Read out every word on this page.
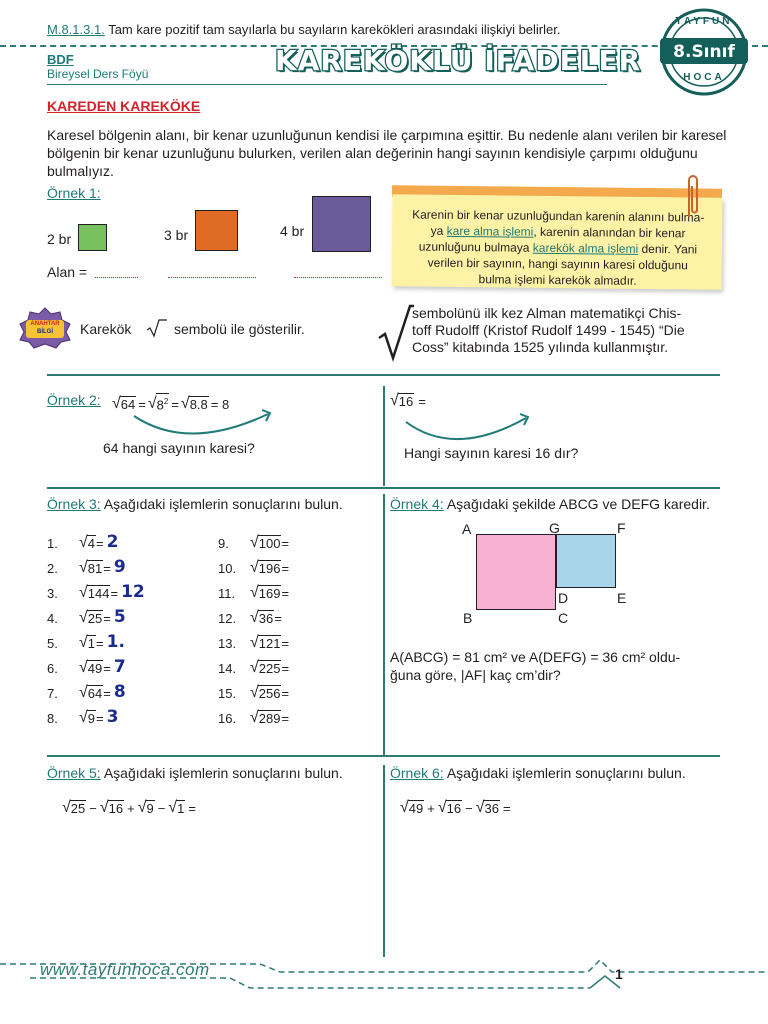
M.8.1.3.1. Tam kare pozitif tam sayılarla bu sayıların karekökleri arasındaki ilişkiyi belirler.
BDF
Bireysel Ders Föyü	KAREKÖKLÜ İFADELER
TAYFUN
8.Sınıf
HOCA
KAREDEN KAREKÖKE
Karesel bölgenin alanı, bir kenar uzunluğunun kendisi ile çarpımına eşittir. Bu nedenle alanı verilen bir karesel bölgenin bir kenar uzunluğunu bulurken, verilen alan değerinin hangi sayının kendisiyle çarpımı olduğunu bulmalıyız.
Örnek 1:
2 br	3 br	4 br
Alan =
Karenin bir kenar uzunluğundan karenin alanını bulma-
ya kare alma işlemi, karenin alanından bir kenar
uzunluğunu bulmaya karekök alma işlemi denir. Yani
verilen bir sayının, hangi sayının karesi olduğunu
bulma işlemi karekök almadır.
ANAHTAR
BİLGİ	Karekök	sembolü ile gösterilir.
sembolünü ilk kez Alman matematikçi Chis-
toff Rudolff (Kristof Rudolf 1499 - 1545) “Die
Coss” kitabında 1525 yılında kullanmıştır.
Örnek 2: √ 64 = √ $8^2$ = √ 8.8 = 8
64 hangi sayının karesi?
√ 16 =
Hangi sayının karesi 16 dır?
Örnek 3: Aşağıdaki işlemlerin sonuçlarını bulun.
1.	√ 4 = 2
2.	√ 81 = 9
3.	√ 144 = 12
4.	√ 25 = 5
5.	√ 1 = 1.
6.	√ 49 = 7
7.	√ 64 = 8
8.	√ 9 = 3
9.	√ 100 =
10. √ 196 =
11. √ 169 =
12. √ 36 =
13. √ 121 =
14. √ 225 =
15. √ 256 =
16. √ 289 =
Örnek 4: Aşağıdaki şekilde ABCG ve DEFG karedir.
A	G	F
B	C
D	E
A(ABCG) = 81 cm² ve A(DEFG) = 36 cm² oldu-
ğuna göre, |AF| kaç cm’dir?
Örnek 5: Aşağıdaki işlemlerin sonuçlarını bulun.
√ 25 − √ 16 + √ 9 − √ 1 =
Örnek 6: Aşağıdaki işlemlerin sonuçlarını bulun.
√ 49 + √ 16 − √ 36 =
www.tayfunhoca.com	1
